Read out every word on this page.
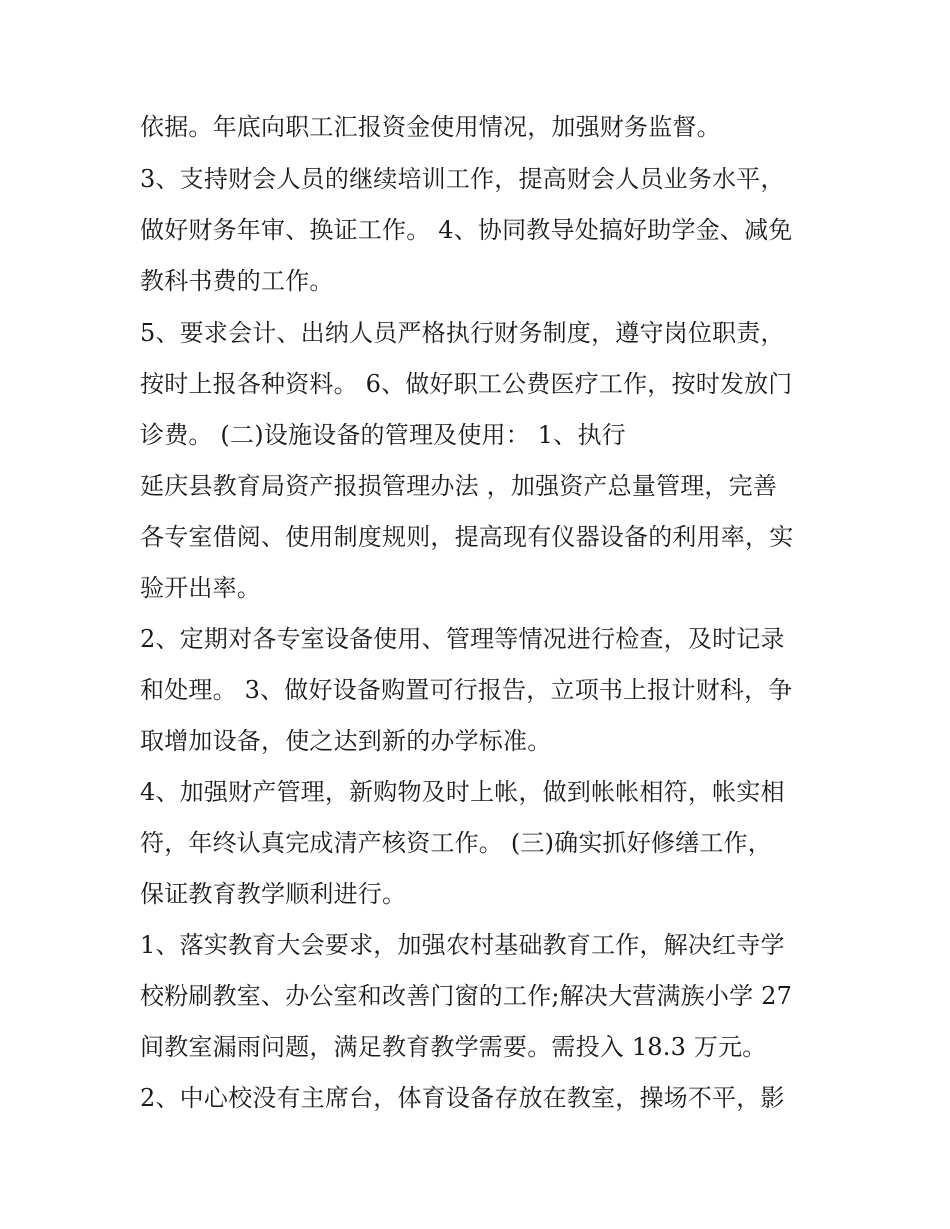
依据。年底向职工汇报资金使用情况，加强财务监督。
3、支持财会人员的继续培训工作，提高财会人员业务水平，
做好财务年审、换证工作。 4、协同教导处搞好助学金、减免
教科书费的工作。
5、要求会计、出纳人员严格执行财务制度，遵守岗位职责，
按时上报各种资料。 6、做好职工公费医疗工作，按时发放门
诊费。 (二)设施设备的管理及使用： 1、执行
延庆县教育局资产报损管理办法 ，加强资产总量管理，完善
各专室借阅、使用制度规则，提高现有仪器设备的利用率，实
验开出率。
2、定期对各专室设备使用、管理等情况进行检查，及时记录
和处理。 3、做好设备购置可行报告，立项书上报计财科，争
取增加设备，使之达到新的办学标准。
4、加强财产管理，新购物及时上帐，做到帐帐相符，帐实相
符，年终认真完成清产核资工作。 (三)确实抓好修缮工作，
保证教育教学顺利进行。
1、落实教育大会要求，加强农村基础教育工作，解决红寺学
校粉刷教室、办公室和改善门窗的工作;解决大营满族小学 27
间教室漏雨问题，满足教育教学需要。需投入 18.3 万元。
2、中心校没有主席台，体育设备存放在教室，操场不平，影
